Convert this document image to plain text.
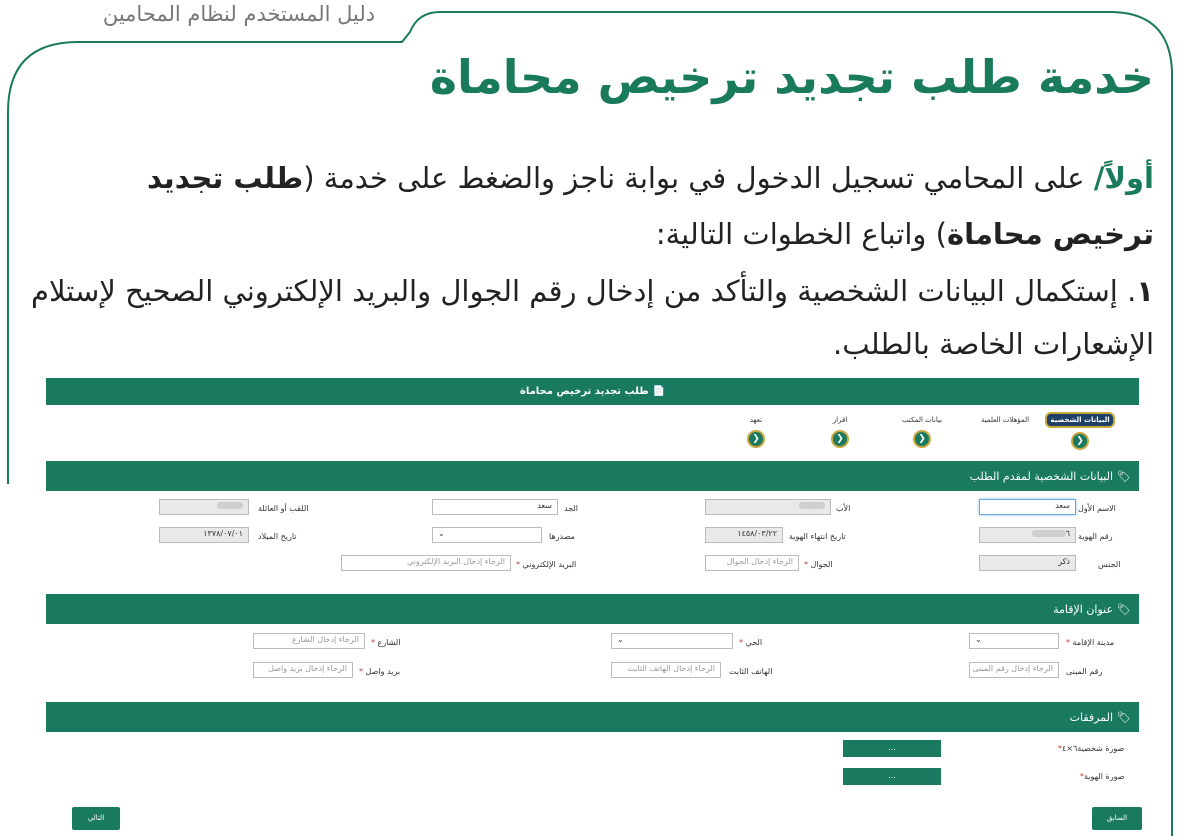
دليل المستخدم لنظام المحامين
خدمة طلب تجديد ترخيص محاماة
أولاً/ على المحامي تسجيل الدخول في بوابة ناجز والضغط على خدمة (طلب تجديد
ترخيص محاماة) واتباع الخطوات التالية:
١. إستكمال البيانات الشخصية والتأكد من إدخال رقم الجوال والبريد الإلكتروني الصحيح لإستلام
الإشعارات الخاصة بالطلب.
📄
طلب تجديد ترخيص محاماة
البيانات الشخصية
❮
المؤهلات العلمية
بيانات المكتب
❮
اقرار
❮
تعهد
❮
🏷
البيانات الشخصية لمقدم الطلب
الاسم الأول
سعد
الأب
الجد
سعد
اللقب أو العائلة
رقم الهوية
٦
تاريخ انتهاء الهوية
١٤٥٨/٠٣/٢٢
مصدرها
⌄
تاريخ الميلاد
١٣٧٨/٠٧/٠١
الجنس
ذكر
الجوال *
الرجاء إدخال الجوال
البريد الإلكتروني *
الرجاء إدخال البريد الإلكتروني
🏷
عنوان الإقامة
مدينة الإقامة *
⌄
الحي *
⌄
الشارع *
الرجاء إدخال الشارع
رقم المبنى
الرجاء إدخال رقم المبنى
الهاتف الثابت
الرجاء إدخال الهاتف الثابت
بريد واصل *
الرجاء إدخال بريد واصل
🏷
المرفقات
صورة شخصية٦×٤*
...
صورة الهوية*
...
السابق
التالي
